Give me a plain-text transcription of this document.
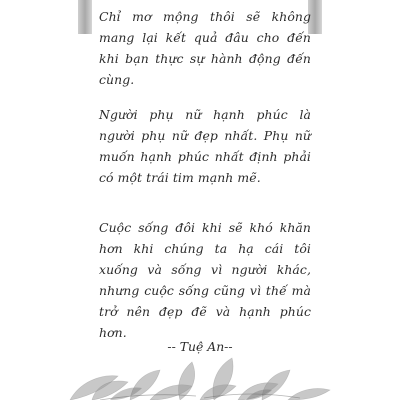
Chỉ mơ mộng thôi sẽ không mang lại kết quả đâu cho đến khi bạn thực sự hành động đến cùng.

Người phụ nữ hạnh phúc là người phụ nữ đẹp nhất. Phụ nữ muốn hạnh phúc nhất định phải có một trái tim mạnh mẽ.

Cuộc sống đôi khi sẽ khó khăn hơn khi chúng ta hạ cái tôi xuống và sống vì người khác, nhưng cuộc sống cũng vì thế mà trở nên đẹp đẽ và hạnh phúc hơn.

-- Tuệ An--
